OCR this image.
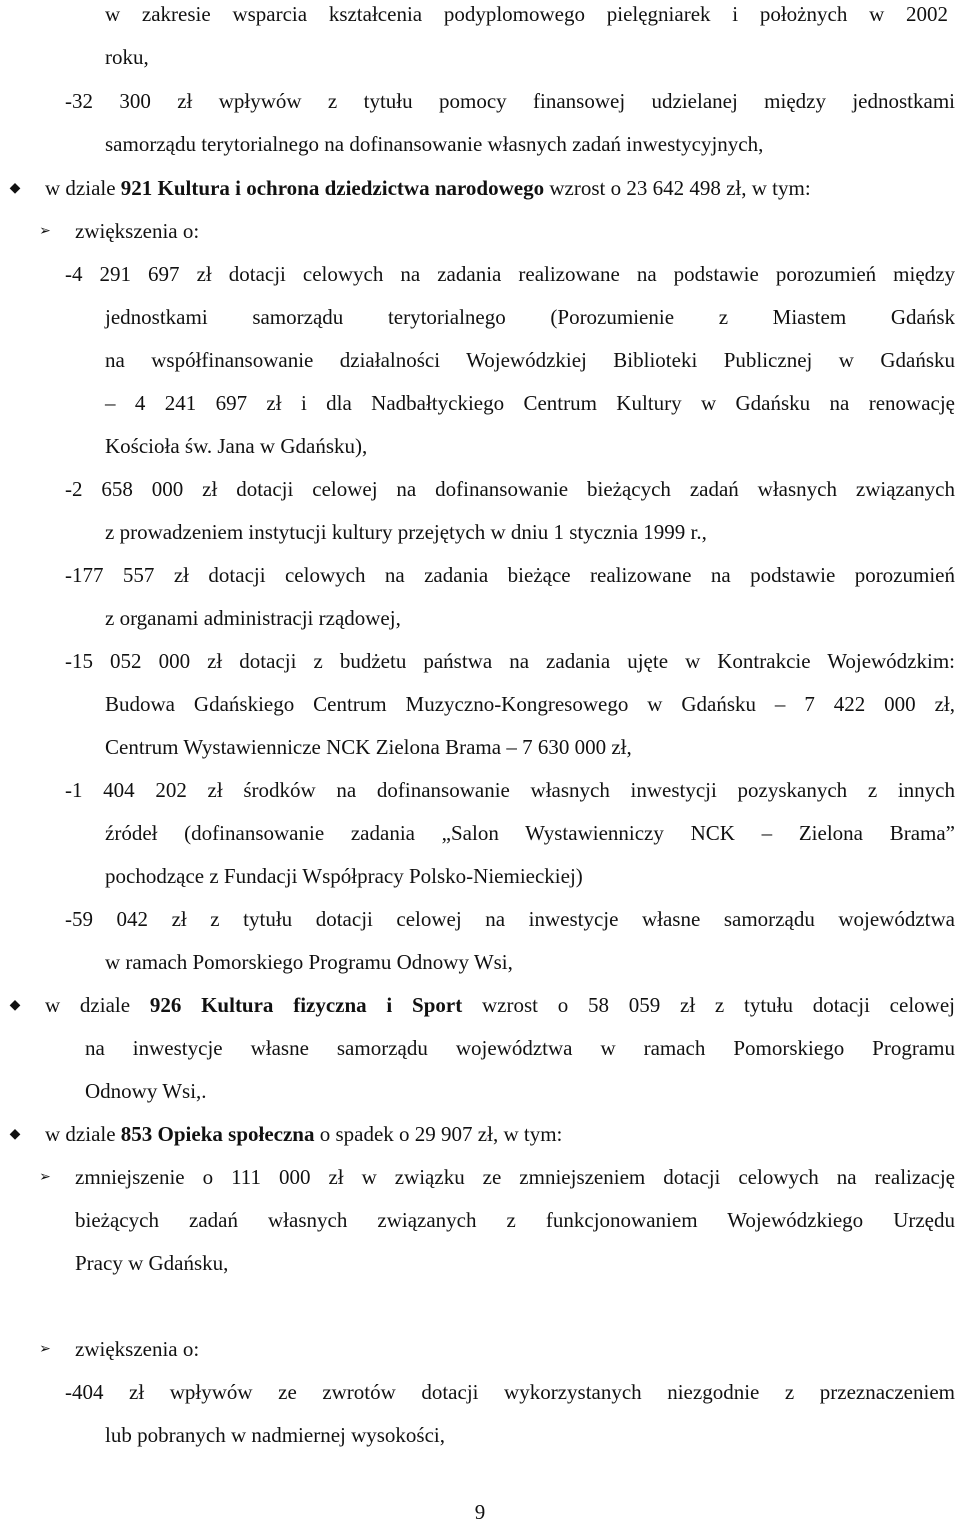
w zakresie wsparcia kształcenia podyplomowego pielęgniarek i położnych w 2002
roku,
-32 300 zł wpływów z tytułu pomocy finansowej udzielanej między jednostkami
samorządu terytorialnego na dofinansowanie własnych zadań inwestycyjnych,
◆	w dziale 921 Kultura i ochrona dziedzictwa narodowego wzrost o 23 642 498 zł, w tym:
➢	zwiększenia o:
-4 291 697 zł dotacji celowych na zadania realizowane na podstawie porozumień między
jednostkami samorządu terytorialnego (Porozumienie z Miastem Gdańsk
na współfinansowanie działalności Wojewódzkiej Biblioteki Publicznej w Gdańsku
– 4 241 697 zł i dla Nadbałtyckiego Centrum Kultury w Gdańsku na renowację
Kościoła św. Jana w Gdańsku),
-2 658 000 zł dotacji celowej na dofinansowanie bieżących zadań własnych związanych
z prowadzeniem instytucji kultury przejętych w dniu 1 stycznia 1999 r.,
-177 557 zł dotacji celowych na zadania bieżące realizowane na podstawie porozumień
z organami administracji rządowej,
-15 052 000 zł dotacji z budżetu państwa na zadania ujęte w Kontrakcie Wojewódzkim:
Budowa Gdańskiego Centrum Muzyczno-Kongresowego w Gdańsku – 7 422 000 zł,
Centrum Wystawiennicze NCK Zielona Brama – 7 630 000 zł,
-1 404 202 zł środków na dofinansowanie własnych inwestycji pozyskanych z innych
źródeł (dofinansowanie zadania „Salon Wystawienniczy NCK – Zielona Brama”
pochodzące z Fundacji Współpracy Polsko-Niemieckiej)
-59 042 zł z tytułu dotacji celowej na inwestycje własne samorządu województwa
w ramach Pomorskiego Programu Odnowy Wsi,
◆	w dziale 926 Kultura fizyczna i Sport wzrost o 58 059 zł z tytułu dotacji celowej
na inwestycje własne samorządu województwa w ramach Pomorskiego Programu
Odnowy Wsi,.
◆	w dziale 853 Opieka społeczna o spadek o 29 907 zł, w tym:
➢	zmniejszenie o 111 000 zł w związku ze zmniejszeniem dotacji celowych na realizację
bieżących zadań własnych związanych z funkcjonowaniem Wojewódzkiego Urzędu
Pracy w Gdańsku,
➢	zwiększenia o:
-404 zł wpływów ze zwrotów dotacji wykorzystanych niezgodnie z przeznaczeniem
lub pobranych w nadmiernej wysokości,
9
